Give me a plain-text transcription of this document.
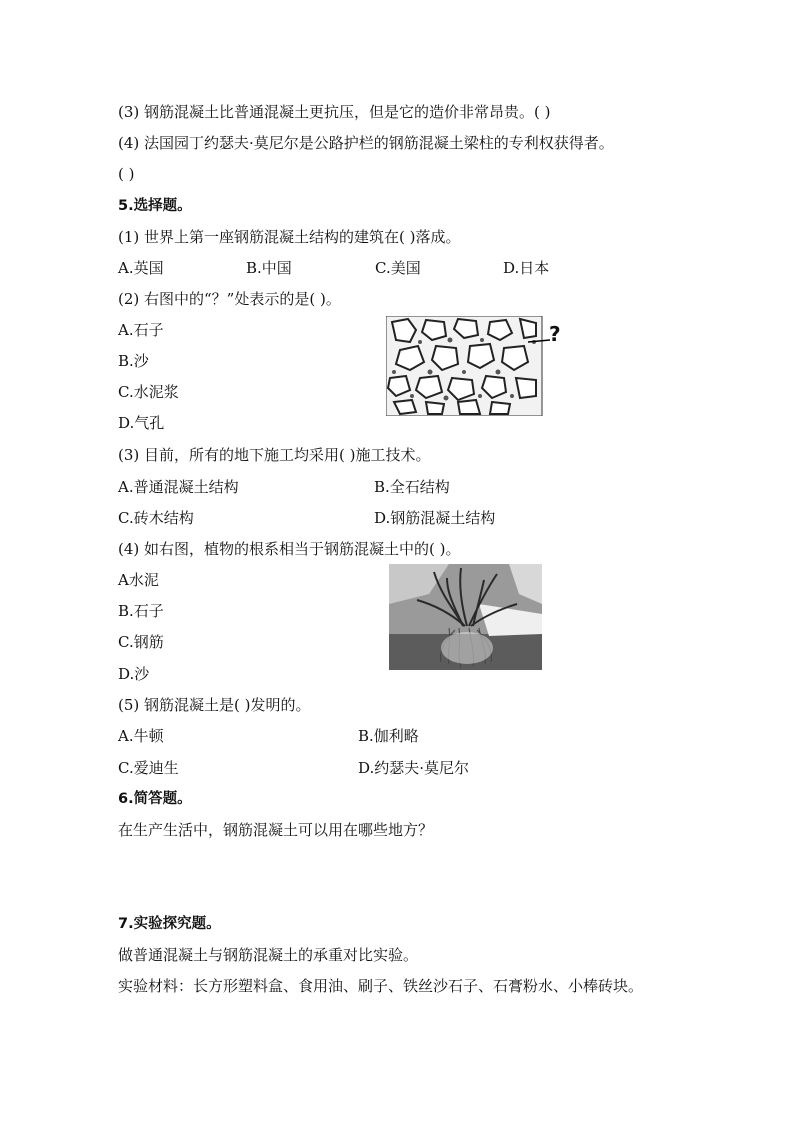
(3) 钢筋混凝土比普通混凝土更抗压，但是它的造价非常昂贵。( )
(4) 法国园丁约瑟夫·莫尼尔是公路护栏的钢筋混凝土梁柱的专利权获得者。
( )
5.选择题。
(1) 世界上第一座钢筋混凝土结构的建筑在( )落成。
A.英国	B.中国	C.美国	D.日本
(2) 右图中的“？”处表示的是( )。
A.石子
B.沙
C.水泥浆
D.气孔
?
(3) 目前，所有的地下施工均采用( )施工技术。
A.普通混凝土结构	B.全石结构
C.砖木结构	D.钢筋混凝土结构
(4) 如右图，植物的根系相当于钢筋混凝土中的( )。
A水泥
B.石子
C.钢筋
D.沙
(5) 钢筋混凝土是( )发明的。
A.牛顿	B.伽利略
C.爱迪生	D.约瑟夫·莫尼尔
6.简答题。
在生产生活中，钢筋混凝土可以用在哪些地方？
7.实验探究题。
做普通混凝土与钢筋混凝土的承重对比实验。
实验材料：长方形塑料盒、食用油、刷子、铁丝沙石子、石膏粉水、小棒砖块。
